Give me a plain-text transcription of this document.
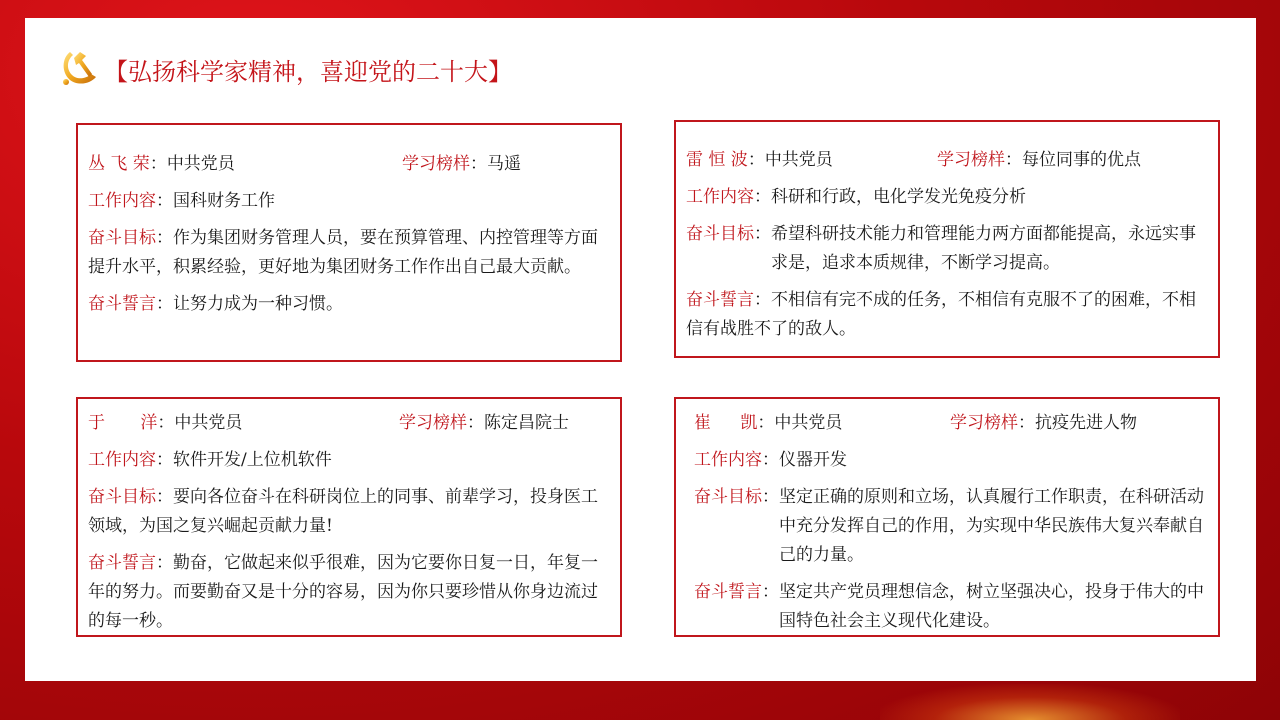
【弘扬科学家精神，喜迎党的二十大】
丛 飞 荣：中共党员	学习榜样：马遥
工作内容：国科财务工作
奋斗目标：作为集团财务管理人员，要在预算管理、内控管理等方面提升水平，积累经验，更好地为集团财务工作作出自己最大贡献。
奋斗誓言：让努力成为一种习惯。
雷 恒 波：中共党员	学习榜样：每位同事的优点
工作内容：科研和行政，电化学发光免疫分析
奋斗目标： 希望科研技术能力和管理能力两方面都能提高，永远实事求是，追求本质规律，不断学习提高。
奋斗誓言：不相信有完不成的任务，不相信有克服不了的困难，不相信有战胜不了的敌人。
于 洋：中共党员	学习榜样：陈定昌院士
工作内容：软件开发/上位机软件
奋斗目标：要向各位奋斗在科研岗位上的同事、前辈学习，投身医工领域，为国之复兴崛起贡献力量!
奋斗誓言：勤奋，它做起来似乎很难，因为它要你日复一日，年复一年的努力。而要勤奋又是十分的容易，因为你只要珍惜从你身边流过的每一秒。
崔 凯：中共党员	学习榜样：抗疫先进人物
工作内容：仪器开发
奋斗目标： 坚定正确的原则和立场，认真履行工作职责，在科研活动中充分发挥自己的作用，为实现中华民族伟大复兴奉献自己的力量。
奋斗誓言： 坚定共产党员理想信念，树立坚强决心，投身于伟大的中国特色社会主义现代化建设。
